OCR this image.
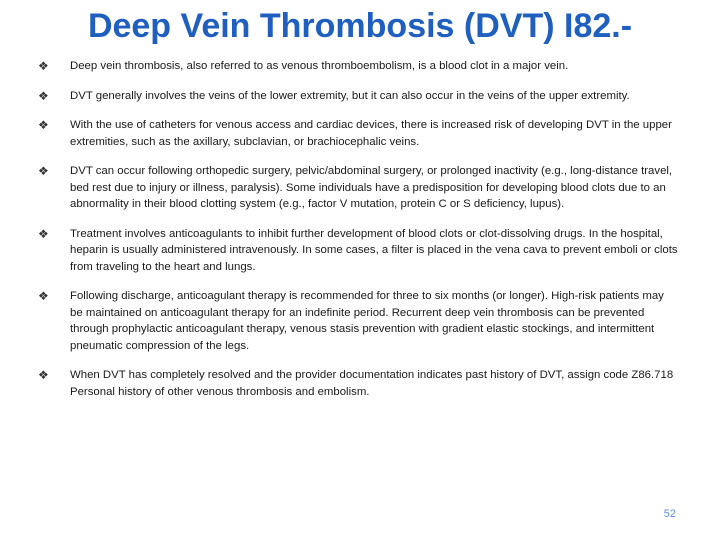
Deep Vein Thrombosis (DVT) I82.-
❖ Deep vein thrombosis, also referred to as venous thromboembolism, is a blood clot in a major vein.
❖ DVT generally involves the veins of the lower extremity, but it can also occur in the veins of the upper extremity.
❖ With the use of catheters for venous access and cardiac devices, there is increased risk of developing DVT in the upper extremities, such as the axillary, subclavian, or brachiocephalic veins.
❖ DVT can occur following orthopedic surgery, pelvic/abdominal surgery, or prolonged inactivity (e.g., long-distance travel, bed rest due to injury or illness, paralysis). Some individuals have a predisposition for developing blood clots due to an abnormality in their blood clotting system (e.g., factor V mutation, protein C or S deficiency, lupus).
❖ Treatment involves anticoagulants to inhibit further development of blood clots or clot-dissolving drugs. In the hospital, heparin is usually administered intravenously. In some cases, a filter is placed in the vena cava to prevent emboli or clots from traveling to the heart and lungs.
❖ Following discharge, anticoagulant therapy is recommended for three to six months (or longer). High-risk patients may be maintained on anticoagulant therapy for an indefinite period. Recurrent deep vein thrombosis can be prevented through prophylactic anticoagulant therapy, venous stasis prevention with gradient elastic stockings, and intermittent pneumatic compression of the legs.
❖ When DVT has completely resolved and the provider documentation indicates past history of DVT, assign code Z86.718 Personal history of other venous thrombosis and embolism.
52
